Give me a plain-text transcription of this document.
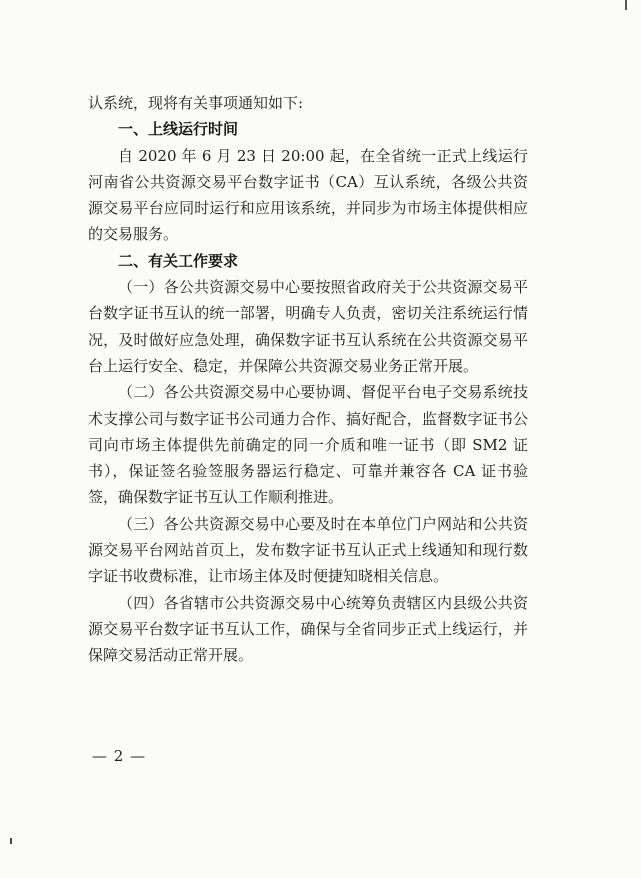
认系统，现将有关事项通知如下:

一、上线运行时间

自 2020 年 6 月 23 日 20:00 起，在全省统一正式上线运行河南省公共资源交易平台数字证书（CA）互认系统，各级公共资源交易平台应同时运行和应用该系统，并同步为市场主体提供相应的交易服务。

二、有关工作要求

（一）各公共资源交易中心要按照省政府关于公共资源交易平台数字证书互认的统一部署，明确专人负责，密切关注系统运行情况，及时做好应急处理，确保数字证书互认系统在公共资源交易平台上运行安全、稳定，并保障公共资源交易业务正常开展。

（二）各公共资源交易中心要协调、督促平台电子交易系统技术支撑公司与数字证书公司通力合作、搞好配合，监督数字证书公司向市场主体提供先前确定的同一介质和唯一证书（即 SM2 证书），保证签名验签服务器运行稳定、可靠并兼容各 CA 证书验签，确保数字证书互认工作顺利推进。

（三）各公共资源交易中心要及时在本单位门户网站和公共资源交易平台网站首页上，发布数字证书互认正式上线通知和现行数字证书收费标准，让市场主体及时便捷知晓相关信息。

（四）各省辖市公共资源交易中心统筹负责辖区内县级公共资源交易平台数字证书互认工作，确保与全省同步正式上线运行，并保障交易活动正常开展。

— 2 —
